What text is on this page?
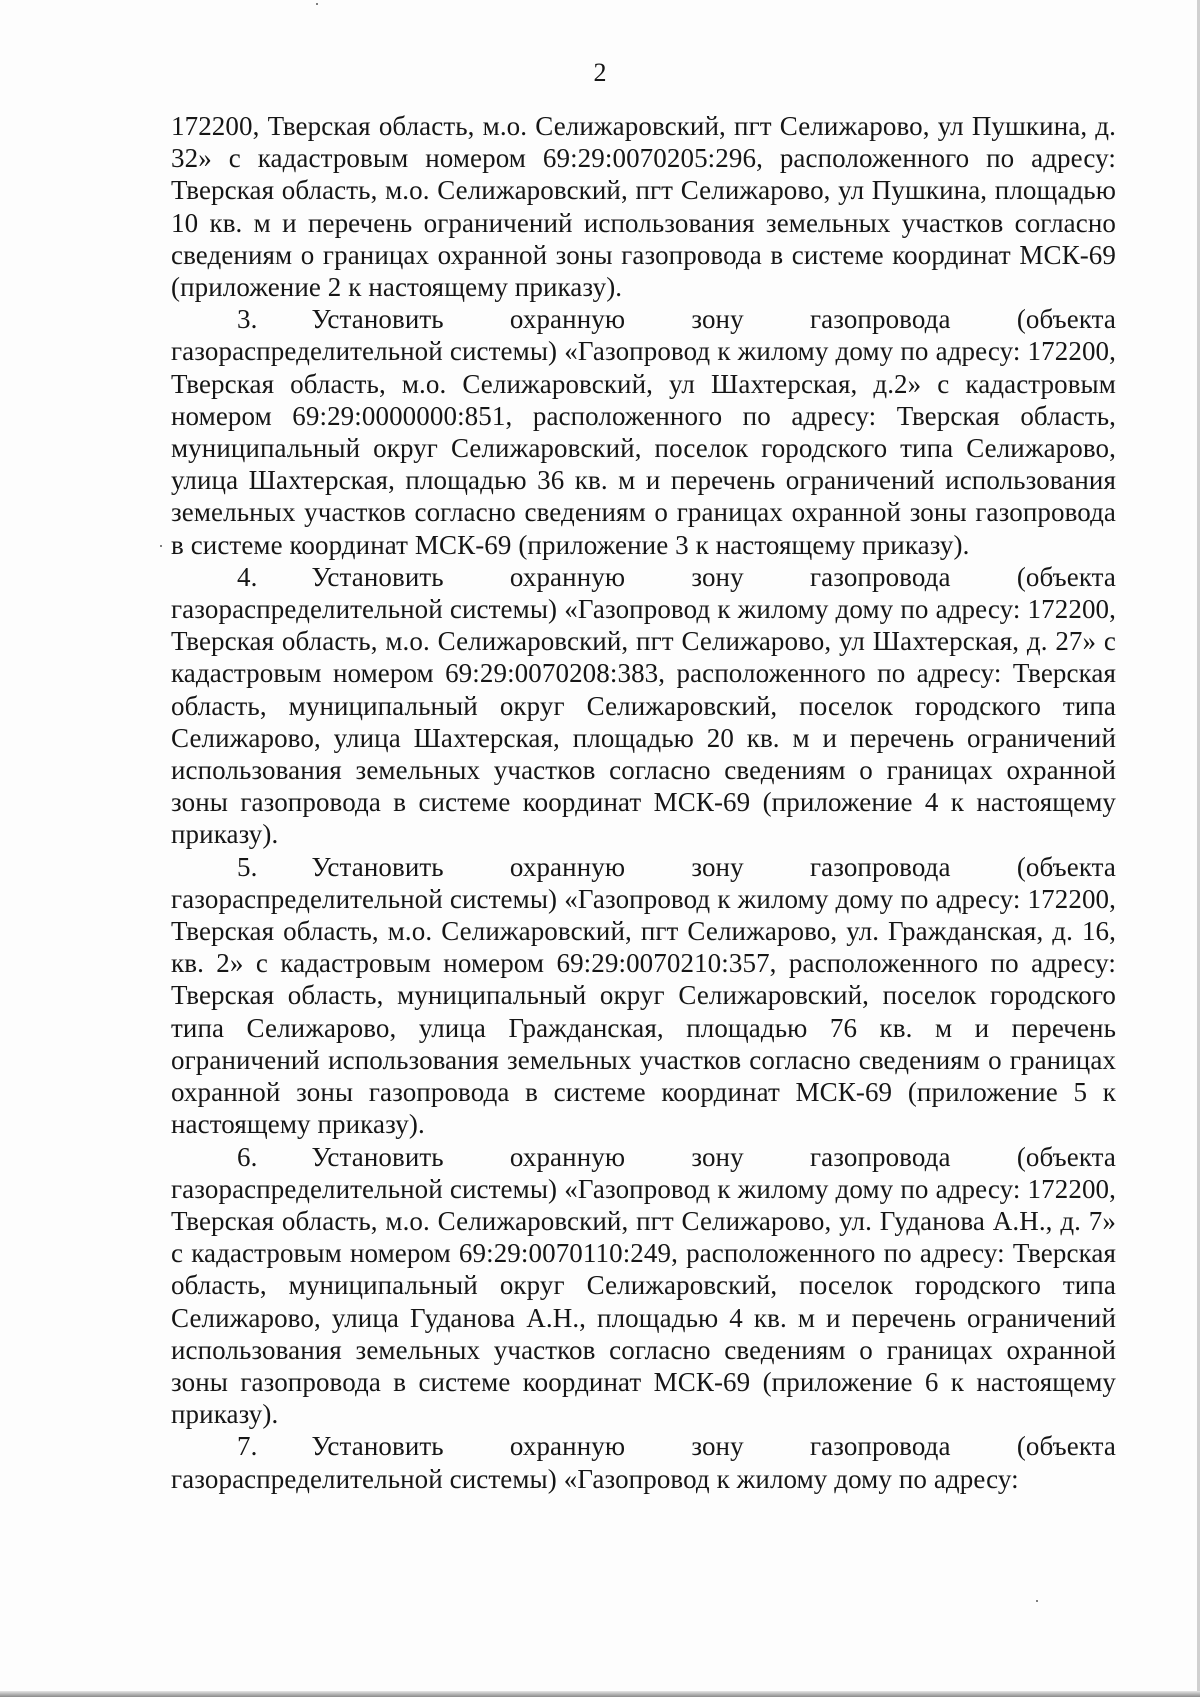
2

172200, Тверская область, м.о. Селижаровский, пгт Селижарово, ул Пушкина, д. 32» с кадастровым номером 69:29:0070205:296, расположенного по адресу: Тверская область, м.о. Селижаровский, пгт Селижарово, ул Пушкина, площадью 10 кв. м и перечень ограничений использования земельных участков согласно сведениям о границах охранной зоны газопровода в системе координат МСК-69 (приложение 2 к настоящему приказу).

3. Установить охранную зону газопровода (объекта газораспределительной системы) «Газопровод к жилому дому по адресу: 172200, Тверская область, м.о. Селижаровский, ул Шахтерская, д.2» с кадастровым номером 69:29:0000000:851, расположенного по адресу: Тверская область, муниципальный округ Селижаровский, поселок городского типа Селижарово, улица Шахтерская, площадью 36 кв. м и перечень ограничений использования земельных участков согласно сведениям о границах охранной зоны газопровода в системе координат МСК-69 (приложение 3 к настоящему приказу).

4. Установить охранную зону газопровода (объекта газораспределительной системы) «Газопровод к жилому дому по адресу: 172200, Тверская область, м.о. Селижаровский, пгт Селижарово, ул Шахтерская, д. 27» с кадастровым номером 69:29:0070208:383, расположенного по адресу: Тверская область, муниципальный округ Селижаровский, поселок городского типа Селижарово, улица Шахтерская, площадью 20 кв. м и перечень ограничений использования земельных участков согласно сведениям о границах охранной зоны газопровода в системе координат МСК-69 (приложение 4 к настоящему приказу).

5. Установить охранную зону газопровода (объекта газораспределительной системы) «Газопровод к жилому дому по адресу: 172200, Тверская область, м.о. Селижаровский, пгт Селижарово, ул. Гражданская, д. 16, кв. 2» с кадастровым номером 69:29:0070210:357, расположенного по адресу: Тверская область, муниципальный округ Селижаровский, поселок городского типа Селижарово, улица Гражданская, площадью 76 кв. м и перечень ограничений использования земельных участков согласно сведениям о границах охранной зоны газопровода в системе координат МСК-69 (приложение 5 к настоящему приказу).

6. Установить охранную зону газопровода (объекта газораспределительной системы) «Газопровод к жилому дому по адресу: 172200, Тверская область, м.о. Селижаровский, пгт Селижарово, ул. Гуданова А.Н., д. 7» с кадастровым номером 69:29:0070110:249, расположенного по адресу: Тверская область, муниципальный округ Селижаровский, поселок городского типа Селижарово, улица Гуданова А.Н., площадью 4 кв. м и перечень ограничений использования земельных участков согласно сведениям о границах охранной зоны газопровода в системе координат МСК-69 (приложение 6 к настоящему приказу).

7. Установить охранную зону газопровода (объекта газораспределительной системы) «Газопровод к жилому дому по адресу:
